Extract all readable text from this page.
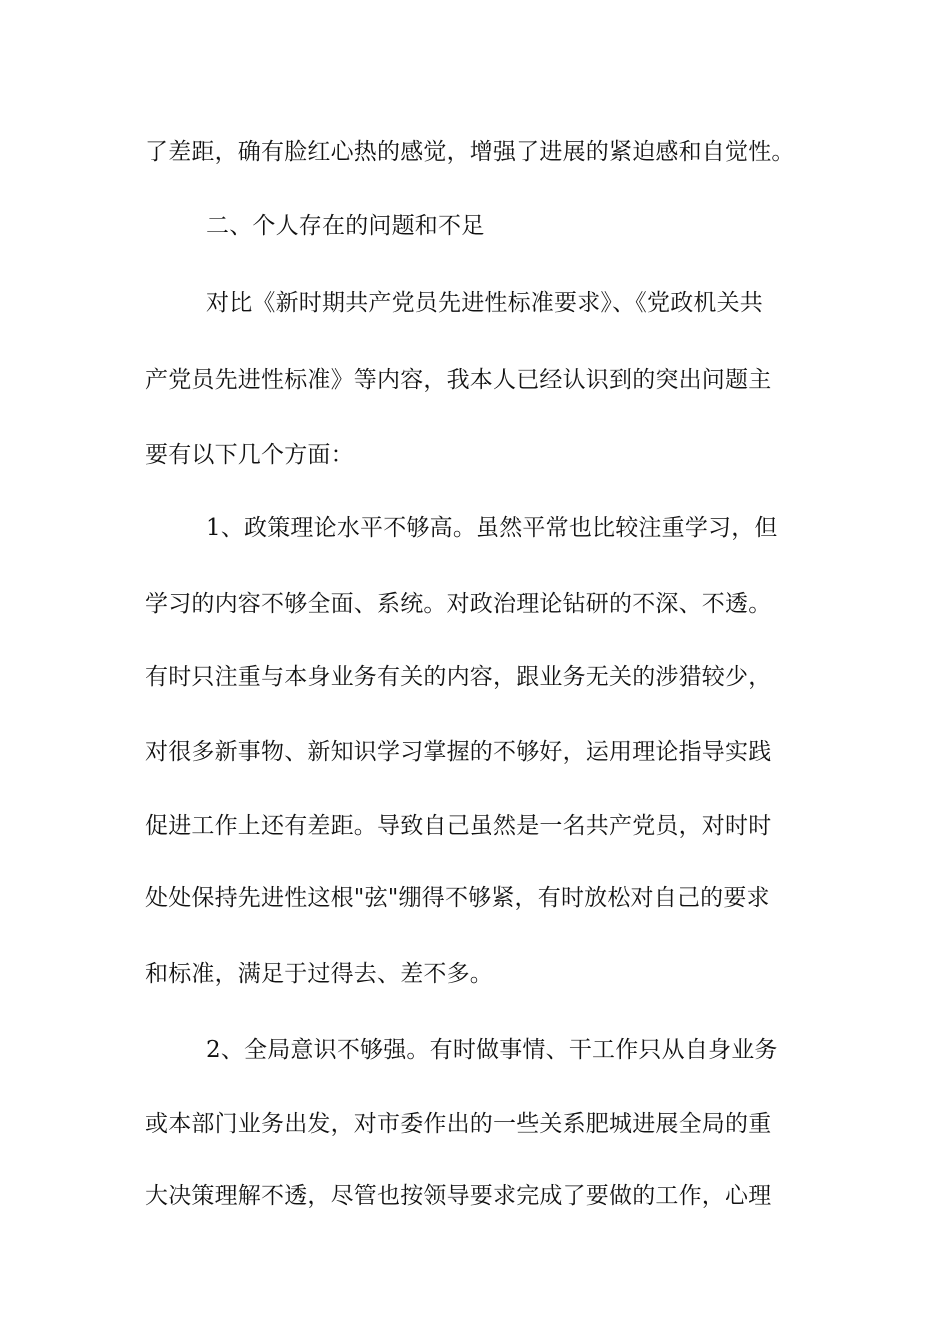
了差距，确有脸红心热的感觉，增强了进展的紧迫感和自觉性。
二、个人存在的问题和不足
对比《新时期共产党员先进性标准要求》、《党政机关共
产党员先进性标准》等内容，我本人已经认识到的突出问题主
要有以下几个方面：
1、政策理论水平不够高。虽然平常也比较注重学习，但
学习的内容不够全面、系统。对政治理论钻研的不深、不透。
有时只注重与本身业务有关的内容，跟业务无关的涉猎较少，
对很多新事物、新知识学习掌握的不够好，运用理论指导实践
促进工作上还有差距。导致自己虽然是一名共产党员，对时时
处处保持先进性这根"弦"绷得不够紧，有时放松对自己的要求
和标准，满足于过得去、差不多。
2、全局意识不够强。有时做事情、干工作只从自身业务
或本部门业务出发，对市委作出的一些关系肥城进展全局的重
大决策理解不透，尽管也按领导要求完成了要做的工作，心理
